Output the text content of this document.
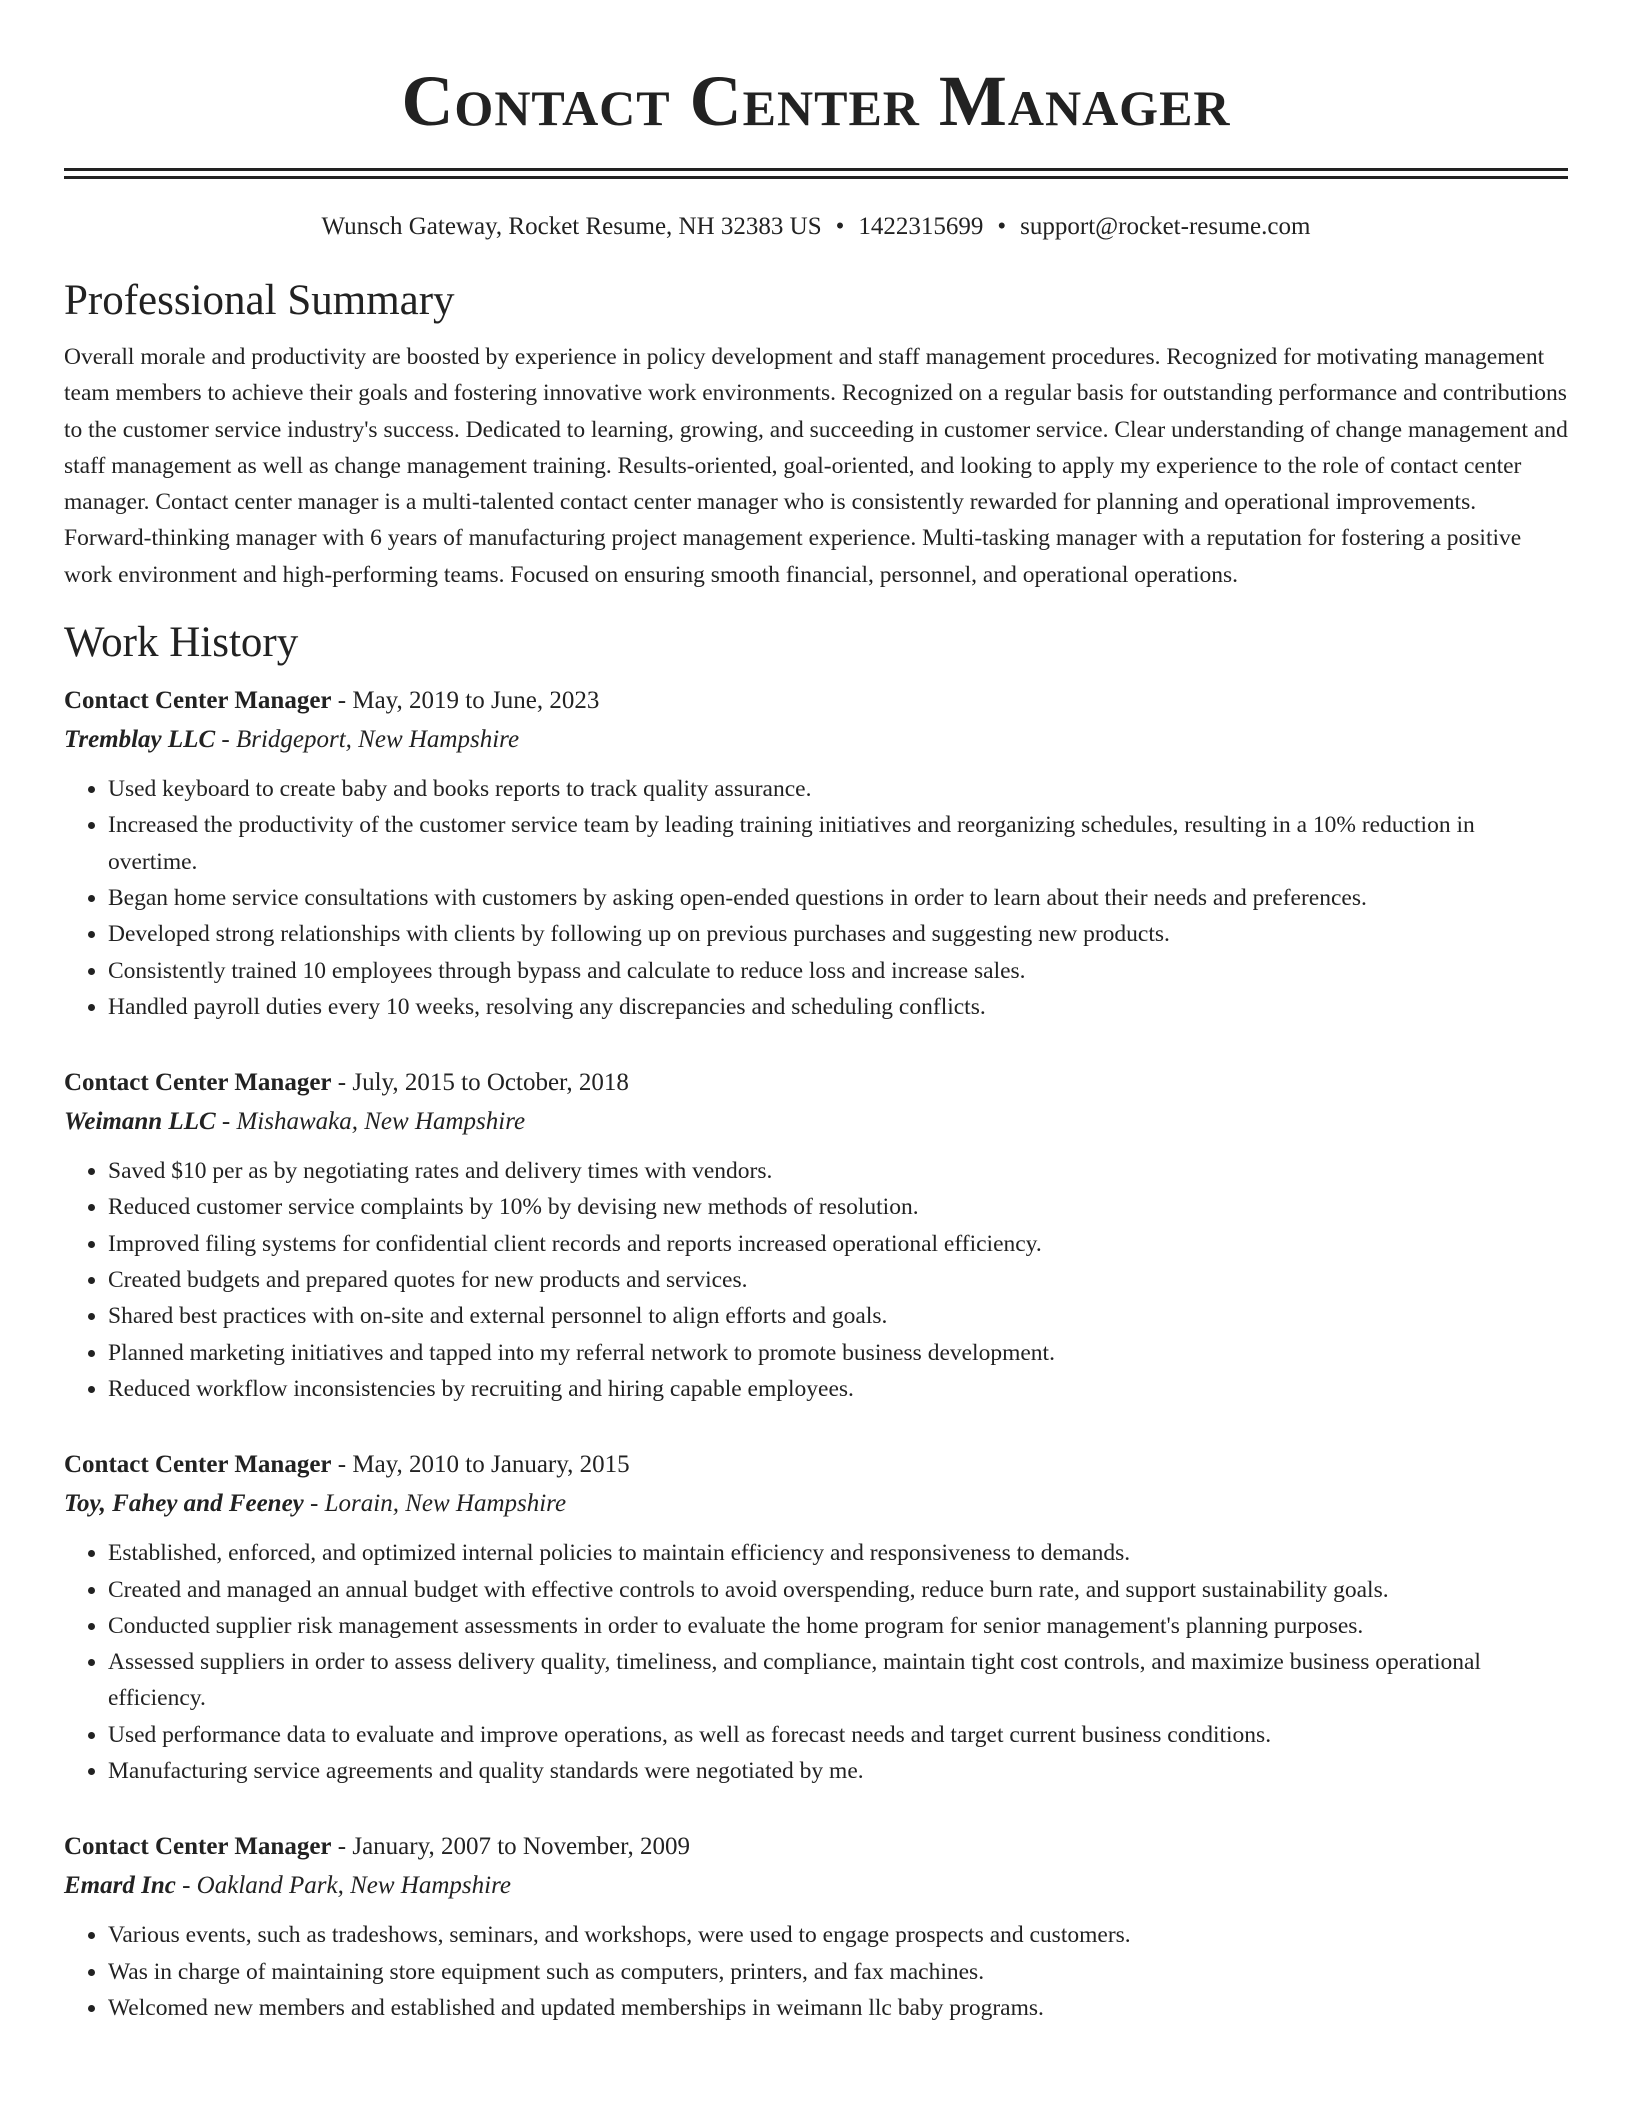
Contact Center Manager
Wunsch Gateway, Rocket Resume, NH 32383 US • 1422315699 • support@rocket-resume.com
Professional Summary
Overall morale and productivity are boosted by experience in policy development and staff management procedures. Recognized for motivating management team members to achieve their goals and fostering innovative work environments. Recognized on a regular basis for outstanding performance and contributions to the customer service industry's success. Dedicated to learning, growing, and succeeding in customer service. Clear understanding of change management and staff management as well as change management training. Results-oriented, goal-oriented, and looking to apply my experience to the role of contact center manager. Contact center manager is a multi-talented contact center manager who is consistently rewarded for planning and operational improvements. Forward-thinking manager with 6 years of manufacturing project management experience. Multi-tasking manager with a reputation for fostering a positive work environment and high-performing teams. Focused on ensuring smooth financial, personnel, and operational operations.
Work History
Contact Center Manager - May, 2019 to June, 2023
Tremblay LLC - Bridgeport, New Hampshire
• Used keyboard to create baby and books reports to track quality assurance.
• Increased the productivity of the customer service team by leading training initiatives and reorganizing schedules, resulting in a 10% reduction in overtime.
• Began home service consultations with customers by asking open-ended questions in order to learn about their needs and preferences.
• Developed strong relationships with clients by following up on previous purchases and suggesting new products.
• Consistently trained 10 employees through bypass and calculate to reduce loss and increase sales.
• Handled payroll duties every 10 weeks, resolving any discrepancies and scheduling conflicts.
Contact Center Manager - July, 2015 to October, 2018
Weimann LLC - Mishawaka, New Hampshire
• Saved $10 per as by negotiating rates and delivery times with vendors.
• Reduced customer service complaints by 10% by devising new methods of resolution.
• Improved filing systems for confidential client records and reports increased operational efficiency.
• Created budgets and prepared quotes for new products and services.
• Shared best practices with on-site and external personnel to align efforts and goals.
• Planned marketing initiatives and tapped into my referral network to promote business development.
• Reduced workflow inconsistencies by recruiting and hiring capable employees.
Contact Center Manager - May, 2010 to January, 2015
Toy, Fahey and Feeney - Lorain, New Hampshire
• Established, enforced, and optimized internal policies to maintain efficiency and responsiveness to demands.
• Created and managed an annual budget with effective controls to avoid overspending, reduce burn rate, and support sustainability goals.
• Conducted supplier risk management assessments in order to evaluate the home program for senior management's planning purposes.
• Assessed suppliers in order to assess delivery quality, timeliness, and compliance, maintain tight cost controls, and maximize business operational efficiency.
• Used performance data to evaluate and improve operations, as well as forecast needs and target current business conditions.
• Manufacturing service agreements and quality standards were negotiated by me.
Contact Center Manager - January, 2007 to November, 2009
Emard Inc - Oakland Park, New Hampshire
• Various events, such as tradeshows, seminars, and workshops, were used to engage prospects and customers.
• Was in charge of maintaining store equipment such as computers, printers, and fax machines.
• Welcomed new members and established and updated memberships in weimann llc baby programs.
